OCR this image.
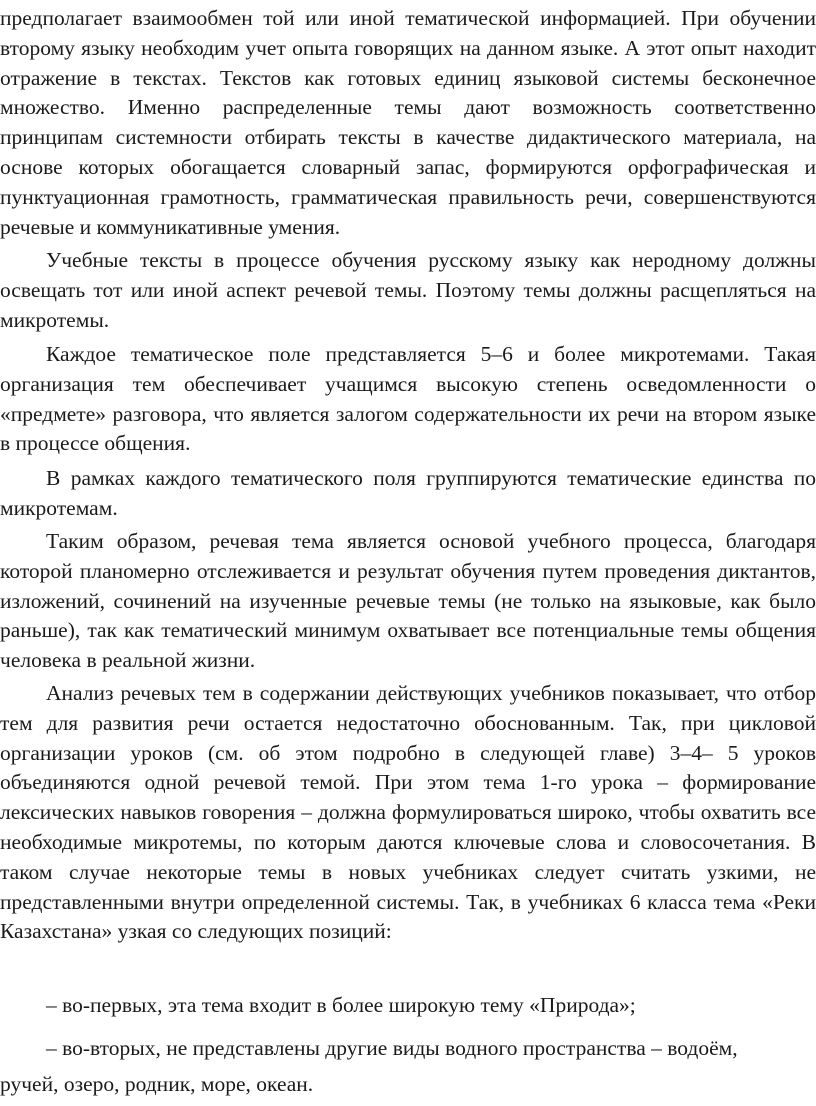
предполагает взаимообмен той или иной тематической информацией. При обучении второму языку необходим учет опыта говорящих на данном языке. А этот опыт находит отражение в текстах. Текстов как готовых единиц языковой системы бесконечное множество. Именно распределенные темы дают возможность соответственно принципам системности отбирать тексты в качестве дидактического материала, на основе которых обогащается словарный запас, формируются орфографическая и пунктуационная грамотность, грамматическая правильность речи, совершенствуются речевые и коммуникативные умения.

Учебные тексты в процессе обучения русскому языку как неродному должны освещать тот или иной аспект речевой темы. Поэтому темы должны расщепляться на микротемы.

Каждое тематическое поле представляется 5–6 и более микротемами. Такая организация тем обеспечивает учащимся высокую степень осведомленности о «предмете» разговора, что является залогом содержательности их речи на втором языке в процессе общения.

В рамках каждого тематического поля группируются тематические единства по микротемам.

Таким образом, речевая тема является основой учебного процесса, благодаря которой планомерно отслеживается и результат обучения путем проведения диктантов, изложений, сочинений на изученные речевые темы (не только на языковые, как было раньше), так как тематический минимум охватывает все потенциальные темы общения человека в реальной жизни.

Анализ речевых тем в содержании действующих учебников показывает, что отбор тем для развития речи остается недостаточно обоснованным. Так, при цикловой организации уроков (см. об этом подробно в следующей главе) 3–4– 5 уроков объединяются одной речевой темой. При этом тема 1-го урока – формирование лексических навыков говорения – должна формулироваться широко, чтобы охватить все необходимые микротемы, по которым даются ключевые слова и словосочетания. В таком случае некоторые темы в новых учебниках следует считать узкими, не представленными внутри определенной системы. Так, в учебниках 6 класса тема «Реки Казахстана» узкая со следующих позиций:

– во-первых, эта тема входит в более широкую тему «Природа»;

– во-вторых, не представлены другие виды водного пространства – водоём,

ручей, озеро, родник, море, океан.
